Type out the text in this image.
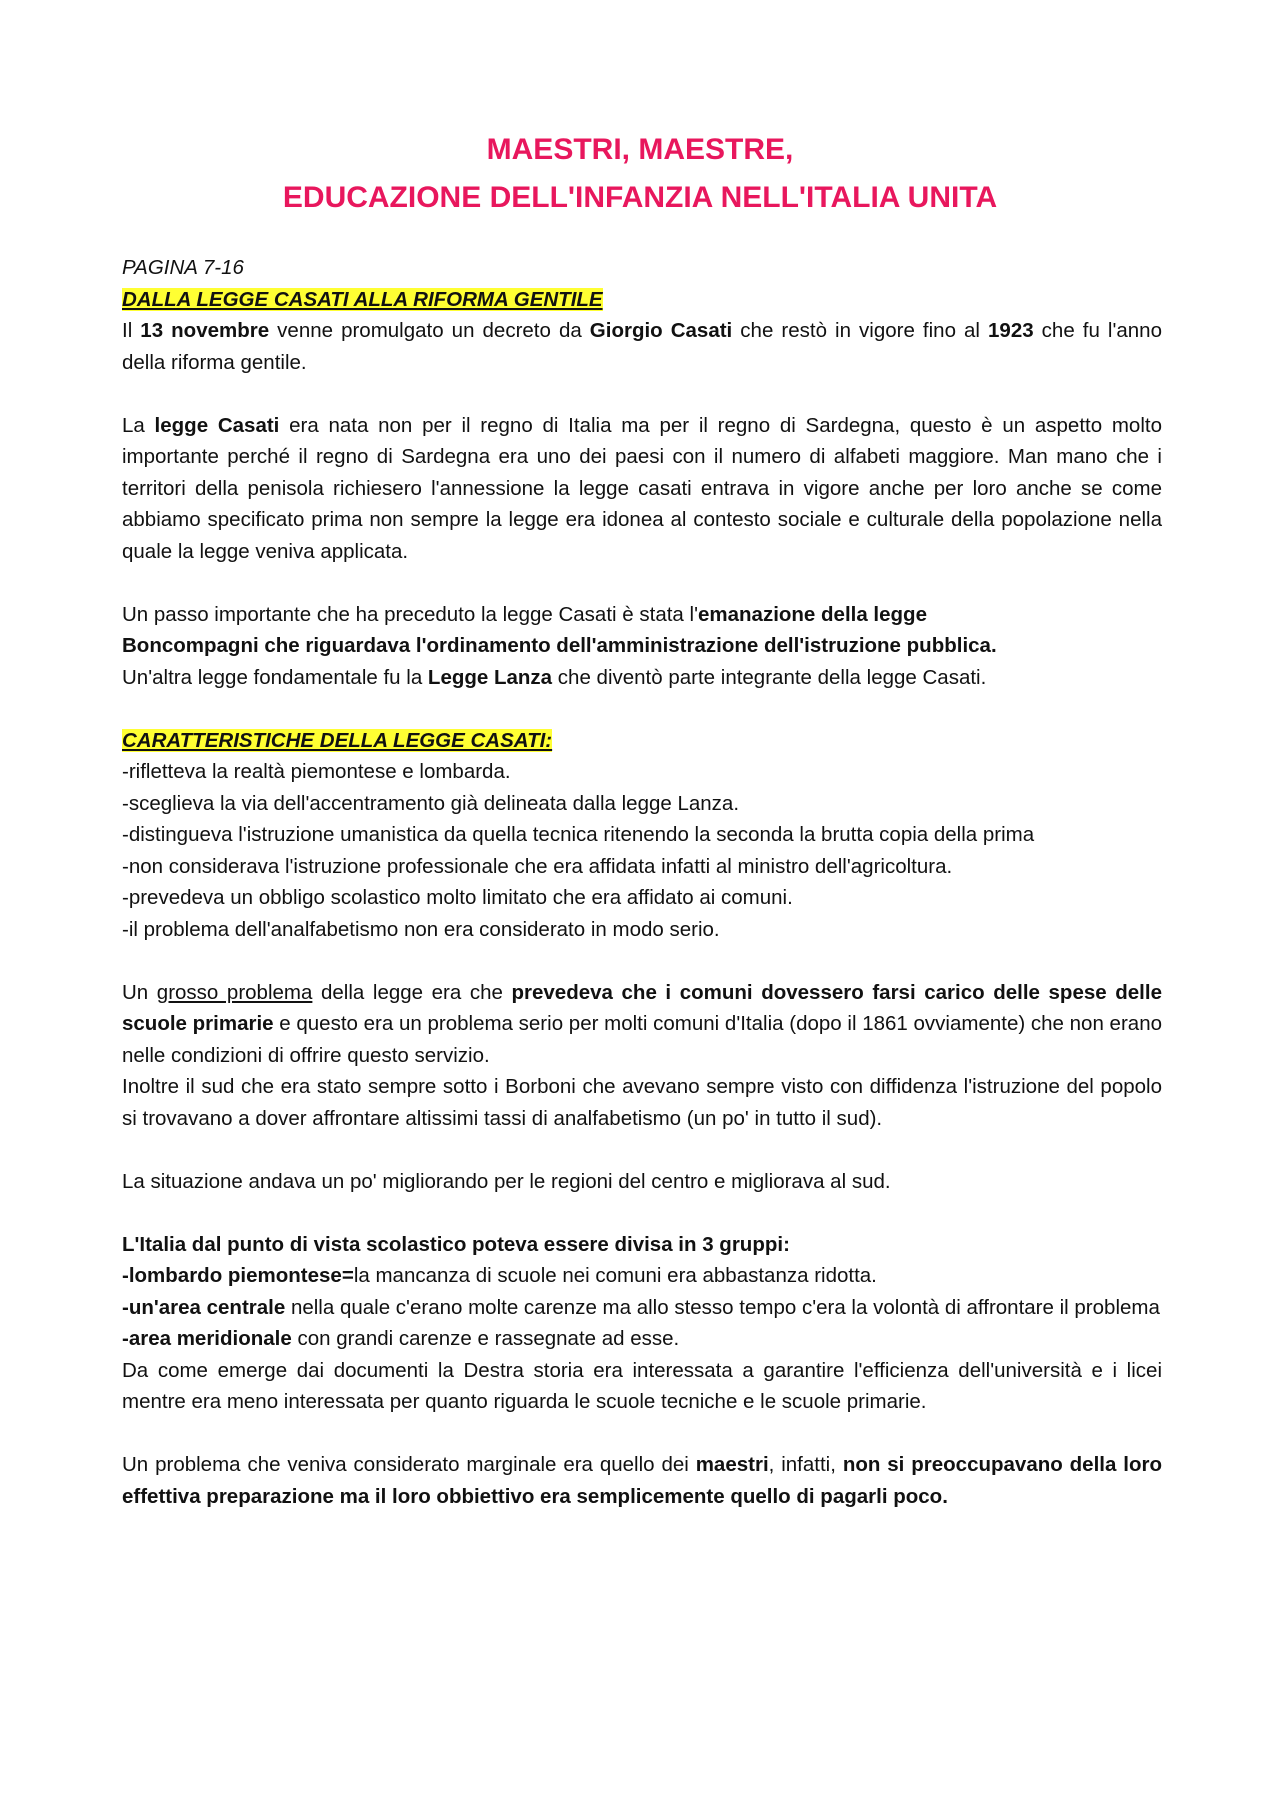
MAESTRI, MAESTRE,
EDUCAZIONE DELL'INFANZIA NELL'ITALIA UNITA

PAGINA 7-16

DALLA LEGGE CASATI ALLA RIFORMA GENTILE

Il 13 novembre venne promulgato un decreto da Giorgio Casati che restò in vigore fino al 1923 che fu l'anno della riforma gentile.

La legge Casati era nata non per il regno di Italia ma per il regno di Sardegna, questo è un aspetto molto importante perché il regno di Sardegna era uno dei paesi con il numero di alfabeti maggiore. Man mano che i territori della penisola richiesero l'annessione la legge casati entrava in vigore anche per loro anche se come abbiamo specificato prima non sempre la legge era idonea al contesto sociale e culturale della popolazione nella quale la legge veniva applicata.

Un passo importante che ha preceduto la legge Casati è stata l'emanazione della legge

Boncompagni che riguardava l'ordinamento dell'amministrazione dell'istruzione pubblica.

Un'altra legge fondamentale fu la Legge Lanza che diventò parte integrante della legge Casati.

CARATTERISTICHE DELLA LEGGE CASATI:

-rifletteva la realtà piemontese e lombarda.

-sceglieva la via dell'accentramento già delineata dalla legge Lanza.

-distingueva l'istruzione umanistica da quella tecnica ritenendo la seconda la brutta copia della prima

-non considerava l'istruzione professionale che era affidata infatti al ministro dell'agricoltura.

-prevedeva un obbligo scolastico molto limitato che era affidato ai comuni.

-il problema dell'analfabetismo non era considerato in modo serio.

Un grosso problema della legge era che prevedeva che i comuni dovessero farsi carico delle spese delle scuole primarie e questo era un problema serio per molti comuni d'Italia (dopo il 1861 ovviamente) che non erano nelle condizioni di offrire questo servizio.

Inoltre il sud che era stato sempre sotto i Borboni che avevano sempre visto con diffidenza l'istruzione del popolo si trovavano a dover affrontare altissimi tassi di analfabetismo (un po' in tutto il sud).

La situazione andava un po' migliorando per le regioni del centro e migliorava al sud.

L'Italia dal punto di vista scolastico poteva essere divisa in 3 gruppi:

-lombardo piemontese=la mancanza di scuole nei comuni era abbastanza ridotta.

-un'area centrale nella quale c'erano molte carenze ma allo stesso tempo c'era la volontà di affrontare il problema

-area meridionale con grandi carenze e rassegnate ad esse.

Da come emerge dai documenti la Destra storia era interessata a garantire l'efficienza dell'università e i licei mentre era meno interessata per quanto riguarda le scuole tecniche e le scuole primarie.

Un problema che veniva considerato marginale era quello dei maestri, infatti, non si preoccupavano della loro effettiva preparazione ma il loro obbiettivo era semplicemente quello di pagarli poco.
